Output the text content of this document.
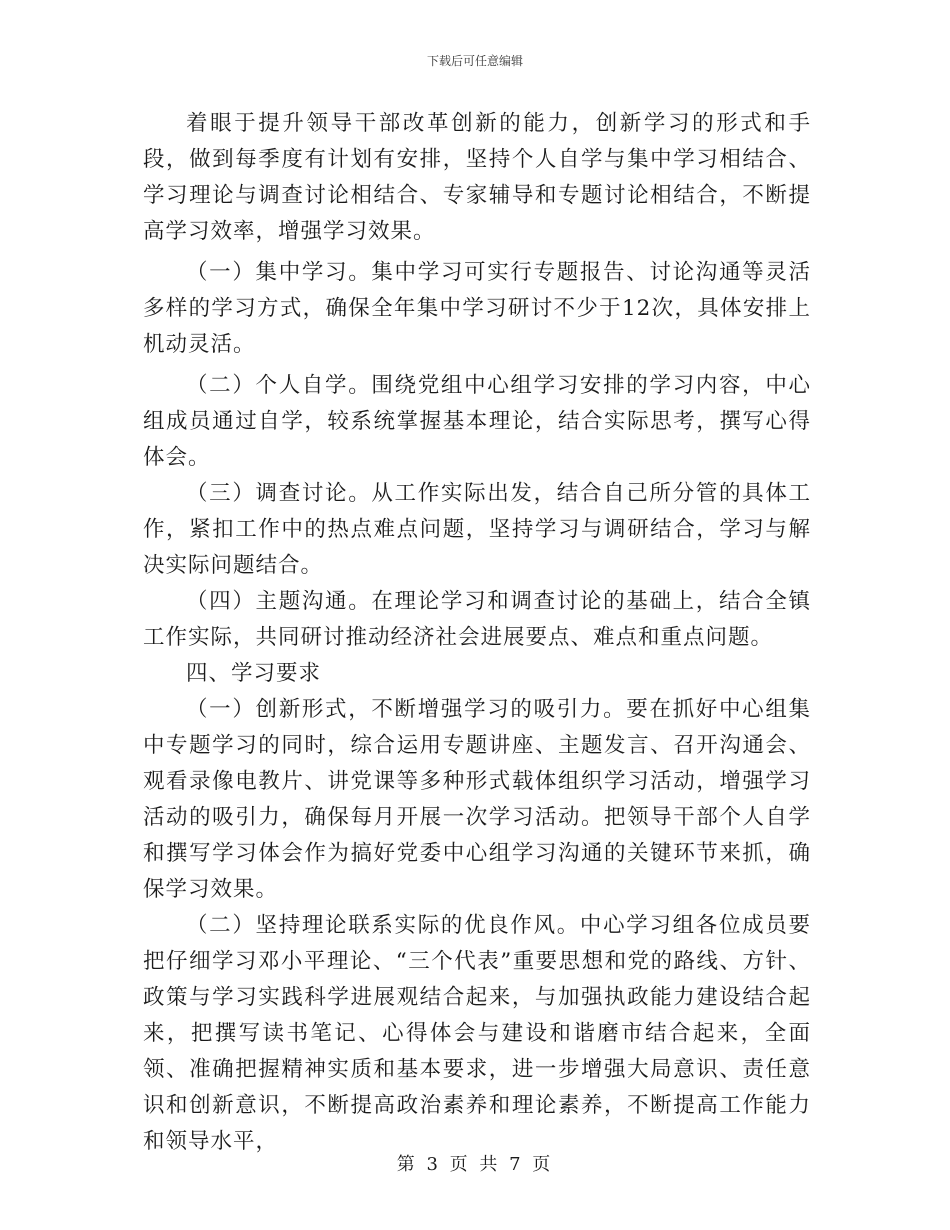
下载后可任意编辑

着眼于提升领导干部改革创新的能力，创新学习的形式和手段，做到每季度有计划有安排，坚持个人自学与集中学习相结合、学习理论与调查讨论相结合、专家辅导和专题讨论相结合，不断提高学习效率，增强学习效果。

（一）集中学习。集中学习可实行专题报告、讨论沟通等灵活多样的学习方式，确保全年集中学习研讨不少于12次，具体安排上机动灵活。

（二）个人自学。围绕党组中心组学习安排的学习内容，中心组成员通过自学，较系统掌握基本理论，结合实际思考，撰写心得体会。

（三）调查讨论。从工作实际出发，结合自己所分管的具体工作，紧扣工作中的热点难点问题，坚持学习与调研结合，学习与解决实际问题结合。

（四）主题沟通。在理论学习和调查讨论的基础上，结合全镇工作实际，共同研讨推动经济社会进展要点、难点和重点问题。

四、学习要求

（一）创新形式，不断增强学习的吸引力。要在抓好中心组集中专题学习的同时，综合运用专题讲座、主题发言、召开沟通会、观看录像电教片、讲党课等多种形式载体组织学习活动，增强学习活动的吸引力，确保每月开展一次学习活动。把领导干部个人自学和撰写学习体会作为搞好党委中心组学习沟通的关键环节来抓，确保学习效果。

（二）坚持理论联系实际的优良作风。中心学习组各位成员要把仔细学习邓小平理论、“三个代表”重要思想和党的路线、方针、政策与学习实践科学进展观结合起来，与加强执政能力建设结合起来，把撰写读书笔记、心得体会与建设和谐磨市结合起来，全面领、准确把握精神实质和基本要求，进一步增强大局意识、责任意识和创新意识，不断提高政治素养和理论素养，不断提高工作能力和领导水平，

第 3 页 共 7 页
